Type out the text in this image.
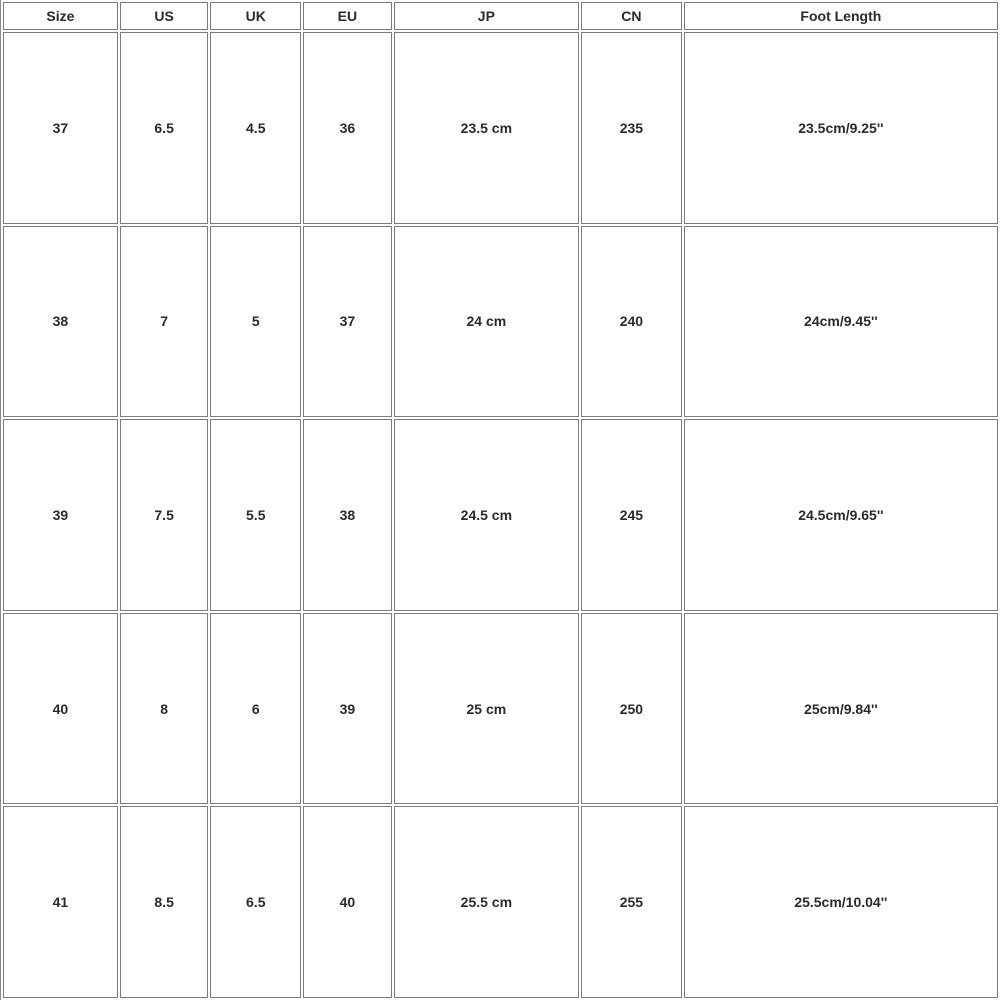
Size	US	UK	EU	JP	CN	Foot Length
37	6.5	4.5	36	23.5 cm	235	23.5cm/9.25''
38	7	5	37	24 cm	240	24cm/9.45''
39	7.5	5.5	38	24.5 cm	245	24.5cm/9.65''
40	8	6	39	25 cm	250	25cm/9.84''
41	8.5	6.5	40	25.5 cm	255	25.5cm/10.04''
